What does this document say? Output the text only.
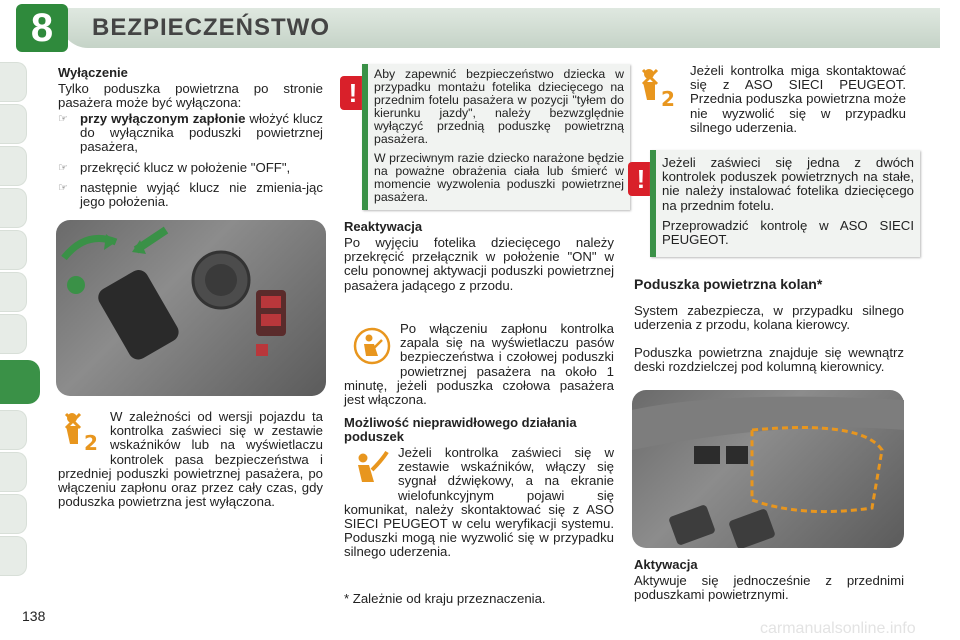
8	BEZPIECZEŃSTWO
Wyłączenie
Tylko poduszka powietrzna po stronie pasażera może być wyłączona:
☞ przy wyłączonym zapłonie włożyć klucz do wyłącznika poduszki powietrznej pasażera,
☞ przekręcić klucz w położenie "OFF",
☞ następnie wyjąć klucz nie zmienia-jąc jego położenia.
2
W zależności od wersji pojazdu ta kontrolka zaświeci się w zestawie wskaźników lub na wyświetlaczu kontrolek pasa bezpieczeństwa i przedniej poduszki powietrznej pasażera, po włączeniu zapłonu oraz przez cały czas, gdy poduszka powietrzna jest wyłączona.
!
Aby zapewnić bezpieczeństwo dziecka w przypadku montażu fotelika dziecięcego na przednim fotelu pasażera w pozycji "tyłem do kierunku jazdy", należy bezwzględnie wyłączyć przednią poduszkę powietrzną pasażera.
W przeciwnym razie dziecko narażone będzie na poważne obrażenia ciała lub śmierć w momencie wyzwolenia poduszki powietrznej pasażera.
Reaktywacja
Po wyjęciu fotelika dziecięcego należy przekręcić przełącznik w położenie "ON" w celu ponownej aktywacji poduszki powietrznej pasażera jadącego z przodu.
Po włączeniu zapłonu kontrolka zapala się na wyświetlaczu pasów bezpieczeństwa i czołowej poduszki powietrznej pasażera na około 1 minutę, jeżeli poduszka czołowa pasażera jest włączona.
Możliwość nieprawidłowego działania poduszek
Jeżeli kontrolka zaświeci się w zestawie wskaźników, włączy się sygnał dźwiękowy, a na ekranie wielofunkcyjnym pojawi się komunikat, należy skontaktować się z ASO SIECI PEUGEOT w celu weryfikacji systemu. Poduszki mogą nie wyzwolić się w przypadku silnego uderzenia.
* Zależnie od kraju przeznaczenia.
2
Jeżeli kontrolka miga skontaktować się z ASO SIECI PEUGEOT. Przednia poduszka powietrzna może nie wyzwolić się w przypadku silnego uderzenia.
!
Jeżeli zaświeci się jedna z dwóch kontrolek poduszek powietrznych na stałe, nie należy instalować fotelika dziecięcego na przednim fotelu.
Przeprowadzić kontrolę w ASO SIECI PEUGEOT.
Poduszka powietrzna kolan*
System zabezpiecza, w przypadku silnego uderzenia z przodu, kolana kierowcy.
Poduszka powietrzna znajduje się wewnątrz deski rozdzielczej pod kolumną kierownicy.
Aktywacja
Aktywuje się jednocześnie z przednimi poduszkami powietrznymi.
138
carmanualsonline.info
